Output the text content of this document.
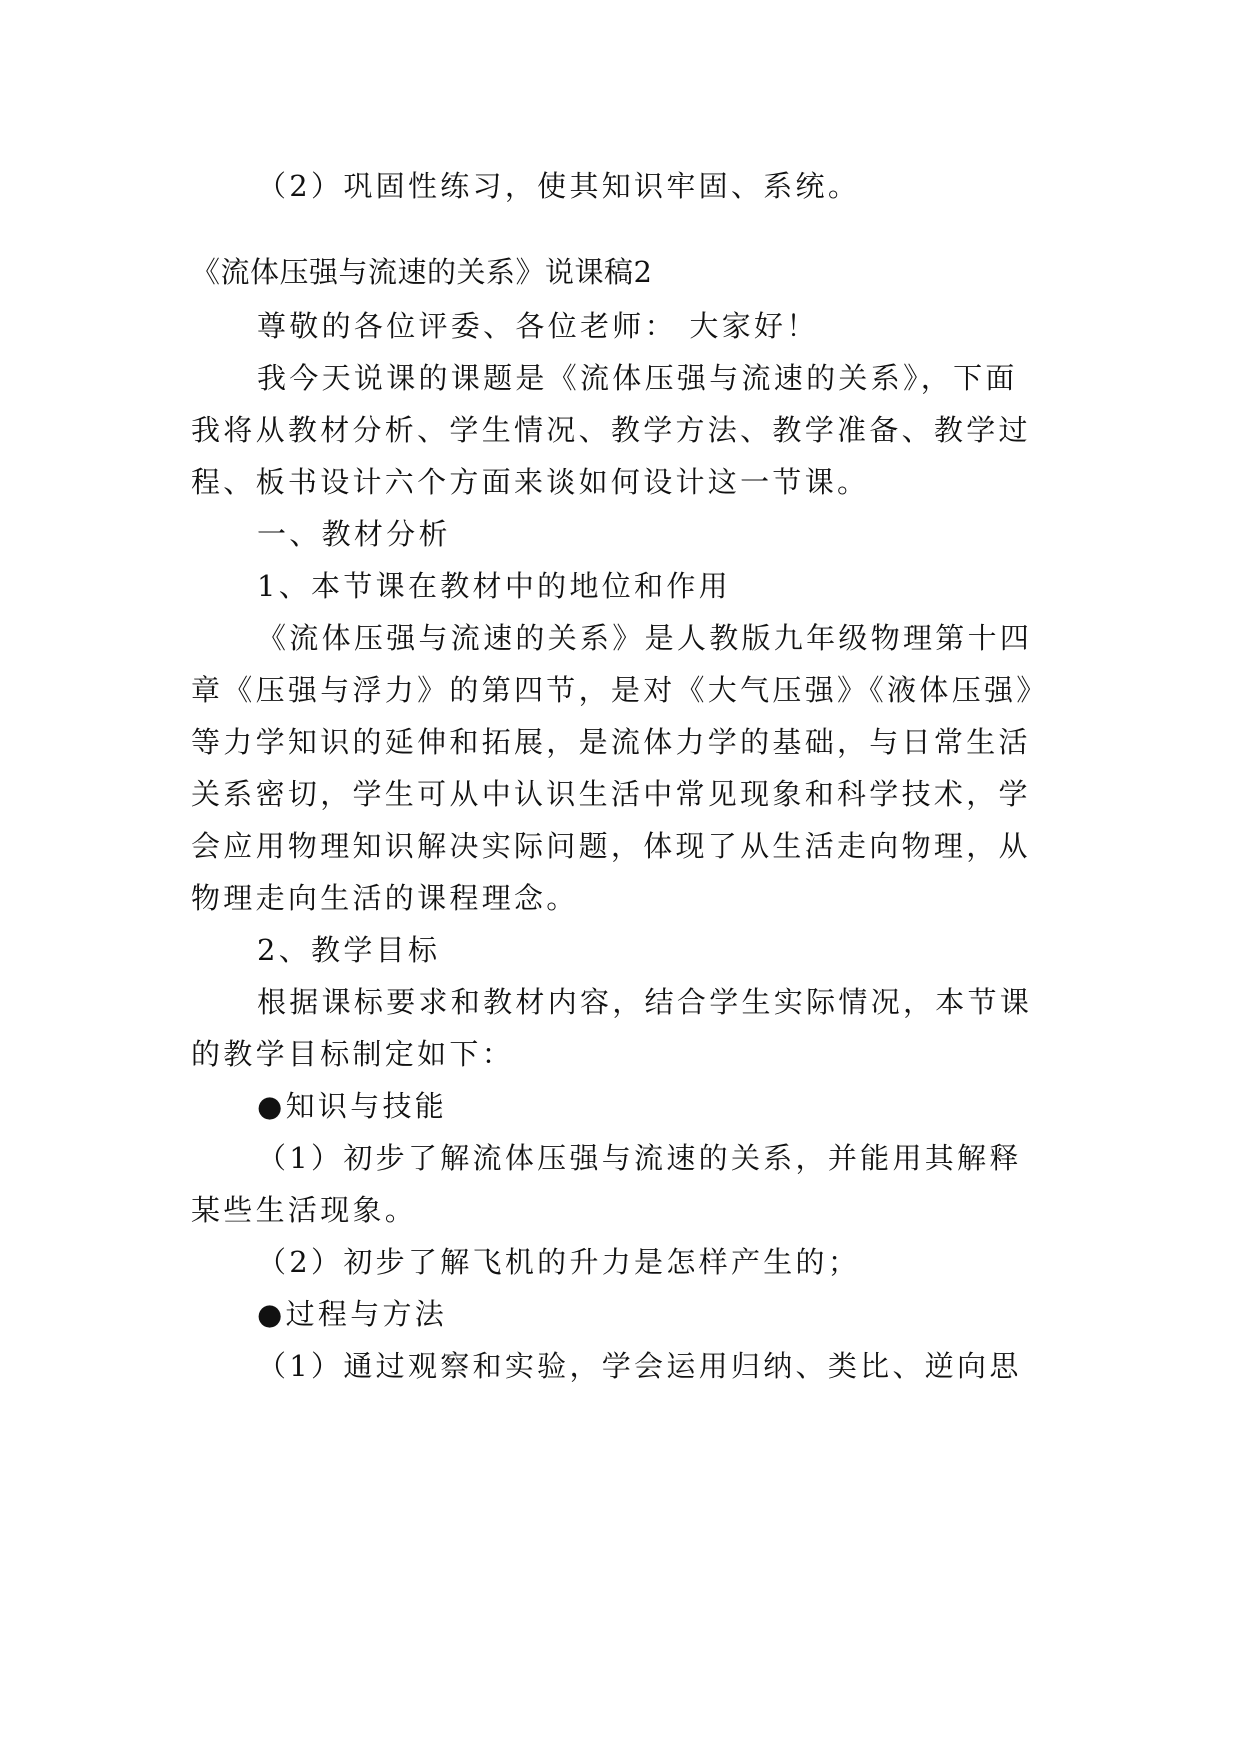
（2）巩固性练习，使其知识牢固、系统。
《流体压强与流速的关系》说课稿2
尊敬的各位评委、各位老师： 大家好！
我今天说课的课题是《流体压强与流速的关系》，下面
我将从教材分析、学生情况、教学方法、教学准备、教学过
程、板书设计六个方面来谈如何设计这一节课。
一、教材分析
1、本节课在教材中的地位和作用
《流体压强与流速的关系》是人教版九年级物理第十四
章《压强与浮力》的第四节，是对《大气压强》《液体压强》
等力学知识的延伸和拓展，是流体力学的基础，与日常生活
关系密切，学生可从中认识生活中常见现象和科学技术，学
会应用物理知识解决实际问题，体现了从生活走向物理，从
物理走向生活的课程理念。
2、教学目标
根据课标要求和教材内容，结合学生实际情况，本节课
的教学目标制定如下：
●知识与技能
（1）初步了解流体压强与流速的关系，并能用其解释
某些生活现象。
（2）初步了解飞机的升力是怎样产生的；
●过程与方法
（1）通过观察和实验，学会运用归纳、类比、逆向思
